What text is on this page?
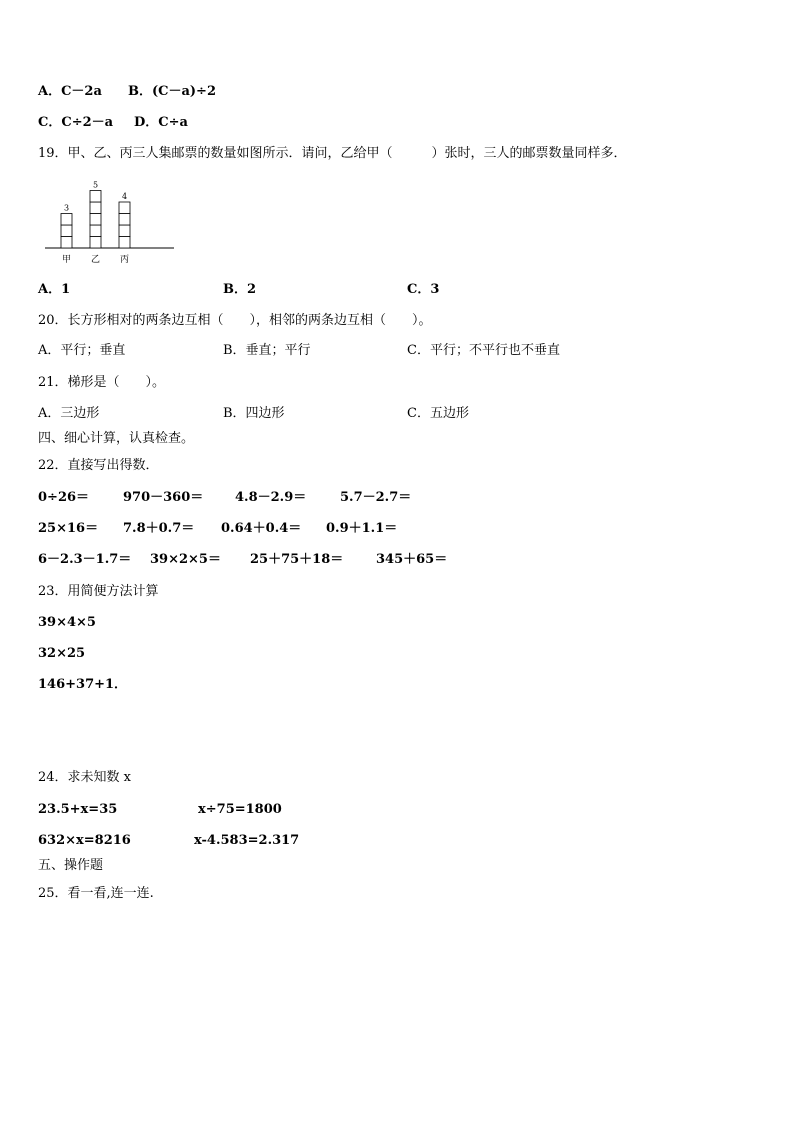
A．C－2a B．(C－a)÷2
C．C÷2－a D．C÷a
19．甲、乙、丙三人集邮票的数量如图所示．请问，乙给甲（　　　）张时，三人的邮票数量同样多．
3
甲
5
乙
4
丙
A．1	B．2	C．3
20．长方形相对的两条边互相（　　），相邻的两条边互相（　　）。
A．平行；垂直	B．垂直；平行	C．平行；不平行也不垂直
21．梯形是（　　）。
A．三边形	B．四边形	C．五边形
四、细心计算，认真检查。
22．直接写出得数．
0÷26＝	970－360＝ 4.8－2.9＝	5.7－2.7＝
25×16＝ 7.8＋0.7＝ 0.64＋0.4＝ 0.9＋1.1＝
6－2.3－1.7＝ 39×2×5＝ 25＋75＋18＝	345＋65＝
23．用简便方法计算
39×4×5
32×25
146+37+1．
24．求未知数 x
23.5+x=35	x÷75=1800
632×x=8216	x-4.583=2.317
五、操作题
25．看一看,连一连.
